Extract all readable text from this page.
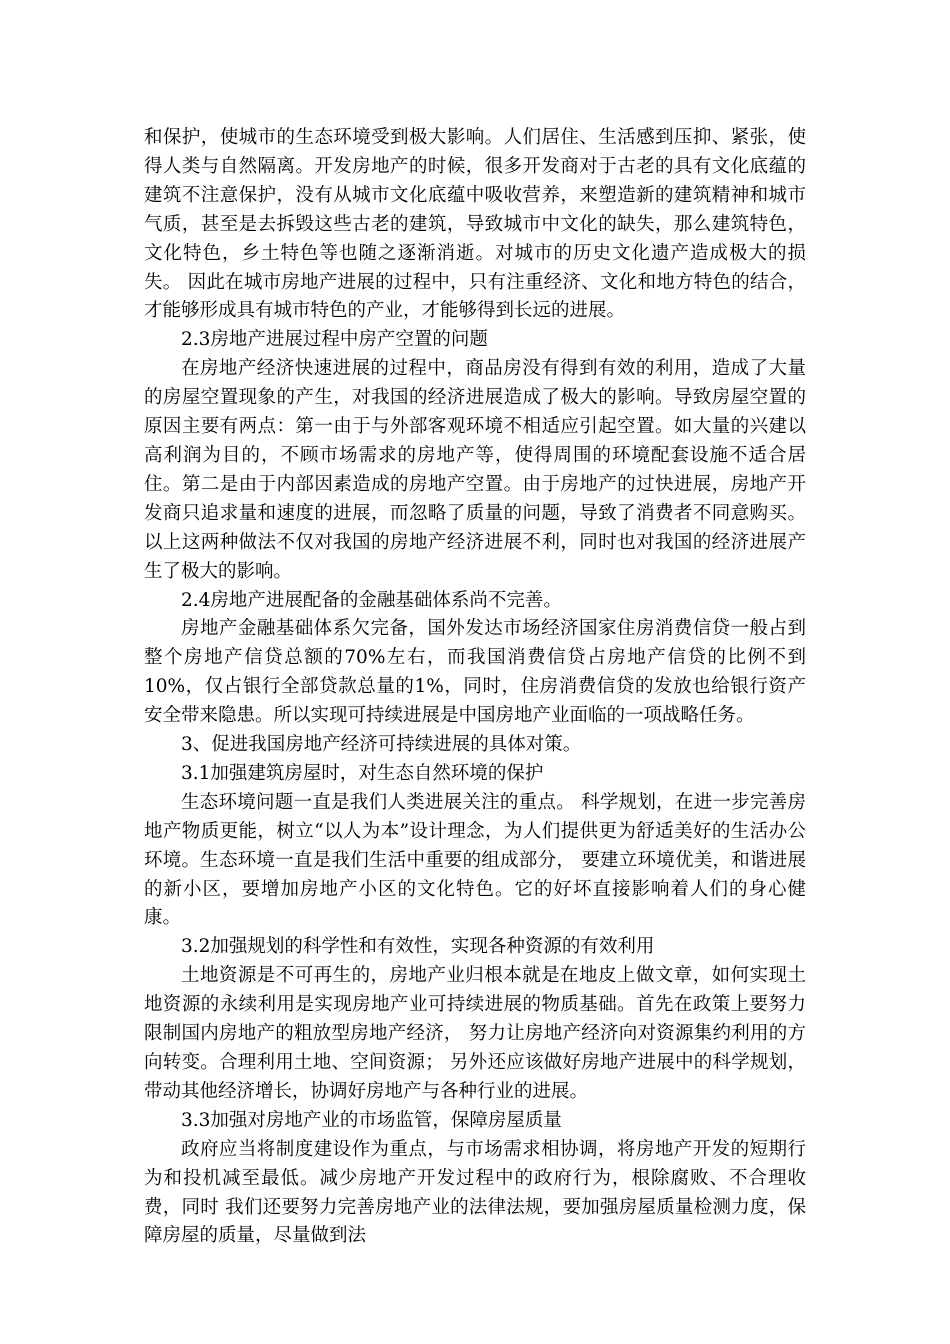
和保护，使城市的生态环境受到极大影响。人们居住、生活感到压抑、紧张，使得人类与自然隔离。开发房地产的时候，很多开发商对于古老的具有文化底蕴的建筑不注意保护，没有从城市文化底蕴中吸收营养，来塑造新的建筑精神和城市气质，甚至是去拆毁这些古老的建筑，导致城市中文化的缺失，那么建筑特色，文化特色，乡土特色等也随之逐渐消逝。对城市的历史文化遗产造成极大的损失。 因此在城市房地产进展的过程中，只有注重经济、文化和地方特色的结合，才能够形成具有城市特色的产业，才能够得到长远的进展。

2.3房地产进展过程中房产空置的问题

在房地产经济快速进展的过程中，商品房没有得到有效的利用，造成了大量的房屋空置现象的产生，对我国的经济进展造成了极大的影响。导致房屋空置的原因主要有两点：第一由于与外部客观环境不相适应引起空置。如大量的兴建以高利润为目的，不顾市场需求的房地产等，使得周围的环境配套设施不适合居住。第二是由于内部因素造成的房地产空置。由于房地产的过快进展，房地产开发商只追求量和速度的进展，而忽略了质量的问题，导致了消费者不同意购买。以上这两种做法不仅对我国的房地产经济进展不利，同时也对我国的经济进展产生了极大的影响。

2.4房地产进展配备的金融基础体系尚不完善。

房地产金融基础体系欠完备，国外发达市场经济国家住房消费信贷一般占到整个房地产信贷总额的70%左右，而我国消费信贷占房地产信贷的比例不到10%，仅占银行全部贷款总量的1%，同时，住房消费信贷的发放也给银行资产安全带来隐患。所以实现可持续进展是中国房地产业面临的一项战略任务。

3、促进我国房地产经济可持续进展的具体对策。

3.1加强建筑房屋时，对生态自然环境的保护

生态环境问题一直是我们人类进展关注的重点。 科学规划，在进一步完善房地产物质更能，树立“以人为本”设计理念，为人们提供更为舒适美好的生活办公环境。生态环境一直是我们生活中重要的组成部分， 要建立环境优美，和谐进展的新小区，要增加房地产小区的文化特色。它的好坏直接影响着人们的身心健康。

3.2加强规划的科学性和有效性，实现各种资源的有效利用

土地资源是不可再生的，房地产业归根本就是在地皮上做文章，如何实现土地资源的永续利用是实现房地产业可持续进展的物质基础。首先在政策上要努力限制国内房地产的粗放型房地产经济， 努力让房地产经济向对资源集约利用的方向转变。合理利用土地、空间资源； 另外还应该做好房地产进展中的科学规划，带动其他经济增长，协调好房地产与各种行业的进展。

3.3加强对房地产业的市场监管，保障房屋质量

政府应当将制度建设作为重点，与市场需求相协调，将房地产开发的短期行为和投机减至最低。减少房地产开发过程中的政府行为，根除腐败、不合理收费，同时 我们还要努力完善房地产业的法律法规，要加强房屋质量检测力度，保障房屋的质量，尽量做到法
